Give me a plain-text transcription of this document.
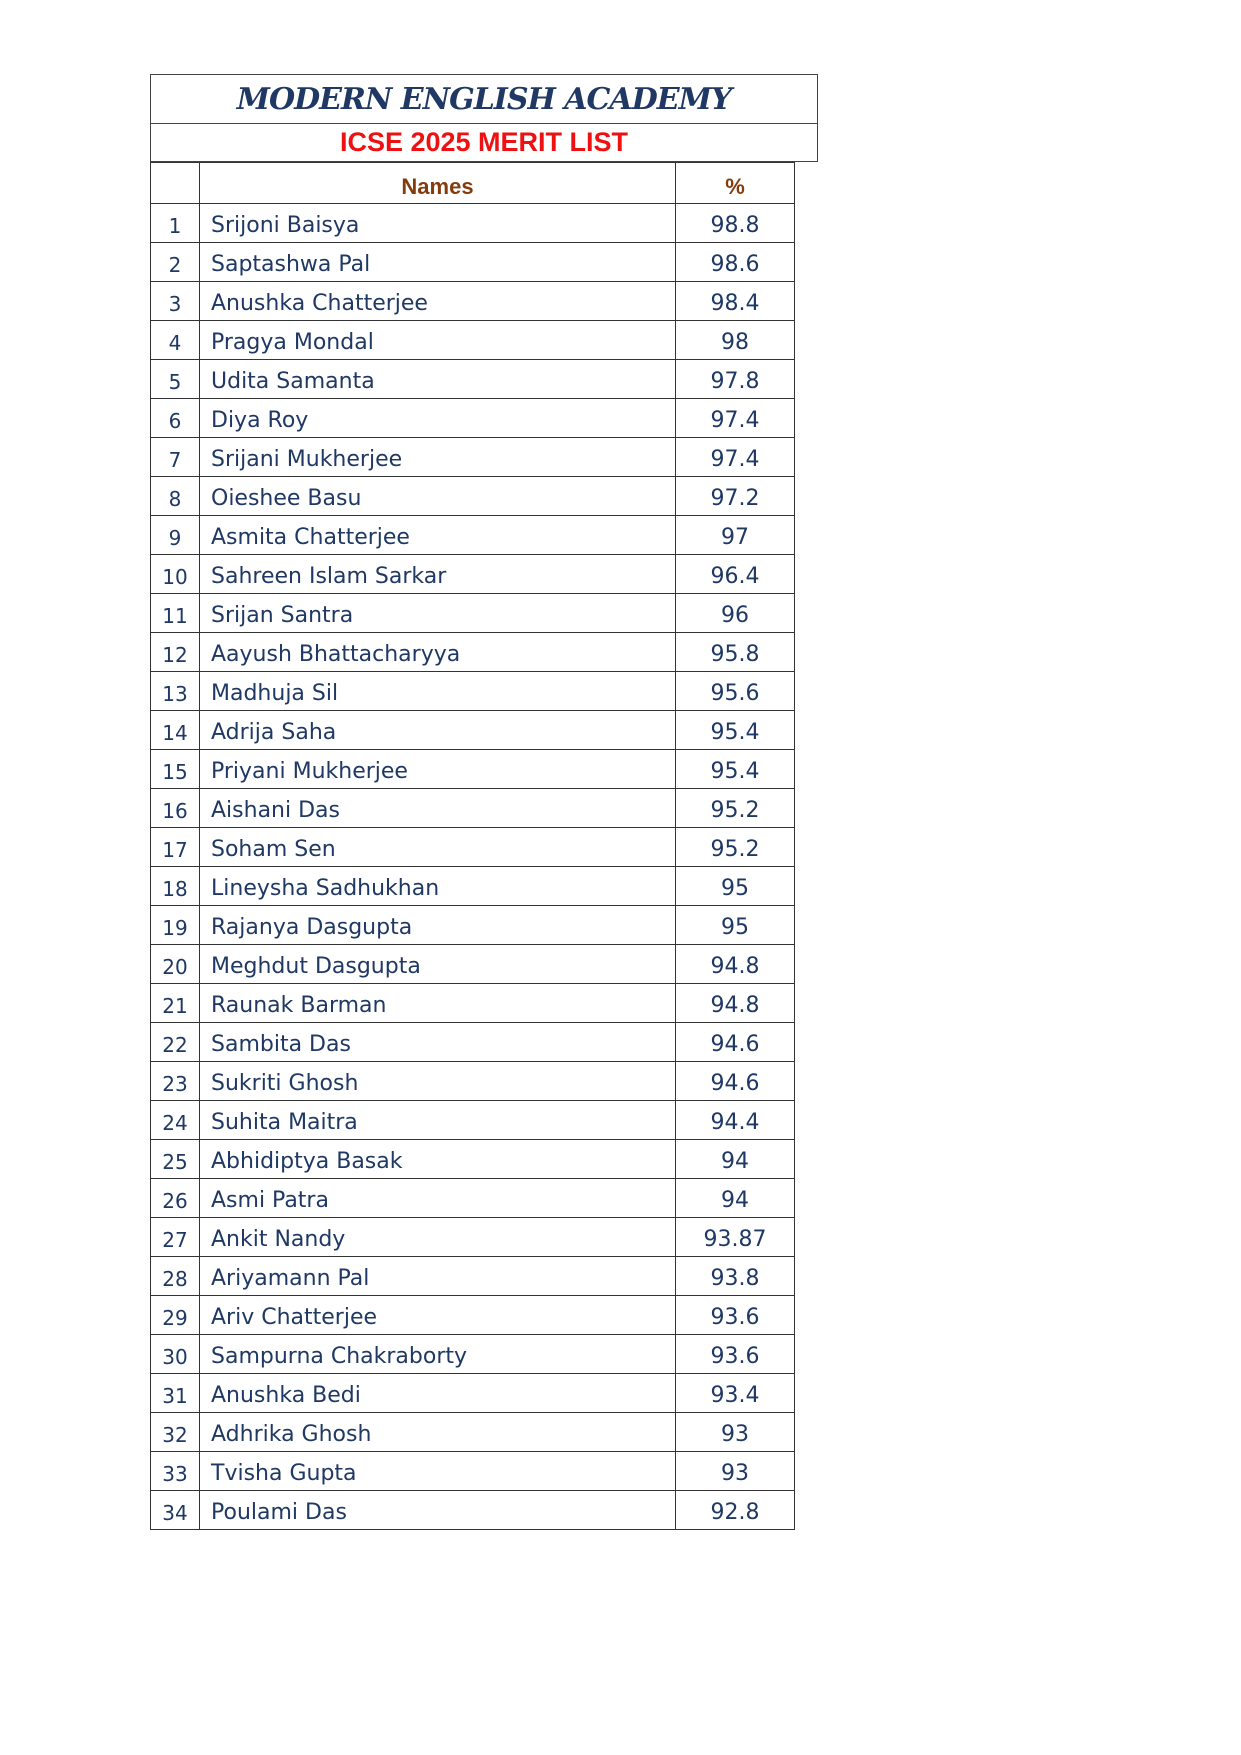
MODERN ENGLISH ACADEMY
ICSE 2025 MERIT LIST
	Names	%
1	Srijoni Baisya	98.8
2	Saptashwa Pal	98.6
3	Anushka Chatterjee	98.4
4	Pragya Mondal	98
5	Udita Samanta	97.8
6	Diya Roy	97.4
7	Srijani Mukherjee	97.4
8	Oieshee Basu	97.2
9	Asmita Chatterjee	97
10	Sahreen Islam Sarkar	96.4
11	Srijan Santra	96
12	Aayush Bhattacharyya	95.8
13	Madhuja Sil	95.6
14	Adrija Saha	95.4
15	Priyani Mukherjee	95.4
16	Aishani Das	95.2
17	Soham Sen	95.2
18	Lineysha Sadhukhan	95
19	Rajanya Dasgupta	95
20	Meghdut Dasgupta	94.8
21	Raunak Barman	94.8
22	Sambita Das	94.6
23	Sukriti Ghosh	94.6
24	Suhita Maitra	94.4
25	Abhidiptya Basak	94
26	Asmi Patra	94
27	Ankit Nandy	93.87
28	Ariyamann Pal	93.8
29	Ariv Chatterjee	93.6
30	Sampurna Chakraborty	93.6
31	Anushka Bedi	93.4
32	Adhrika Ghosh	93
33	Tvisha Gupta	93
34	Poulami Das	92.8
